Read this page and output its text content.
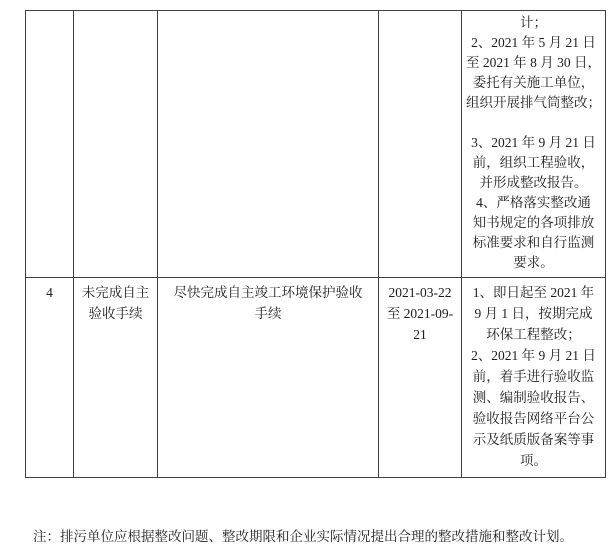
计；
2、2021 年 5 月 21 日
至 2021 年 8 月 30 日，
委托有关施工单位，
组织开展排气筒整改；
3、2021 年 9 月 21 日
前，组织工程验收，
并形成整改报告。
4、严格落实整改通
知书规定的各项排放
标准要求和自行监测
要求。
4	未完成自主
验收手续
尽快完成自主竣工环境保护验收
手续
2021-03-22
至 2021-09-
21
1、即日起至 2021 年
9 月 1 日，按期完成
环保工程整改；
2、2021 年 9 月 21 日
前，着手进行验收监
测、编制验收报告、
验收报告网络平台公
示及纸质版备案等事
项。
注：排污单位应根据整改问题、整改期限和企业实际情况提出合理的整改措施和整改计划。
